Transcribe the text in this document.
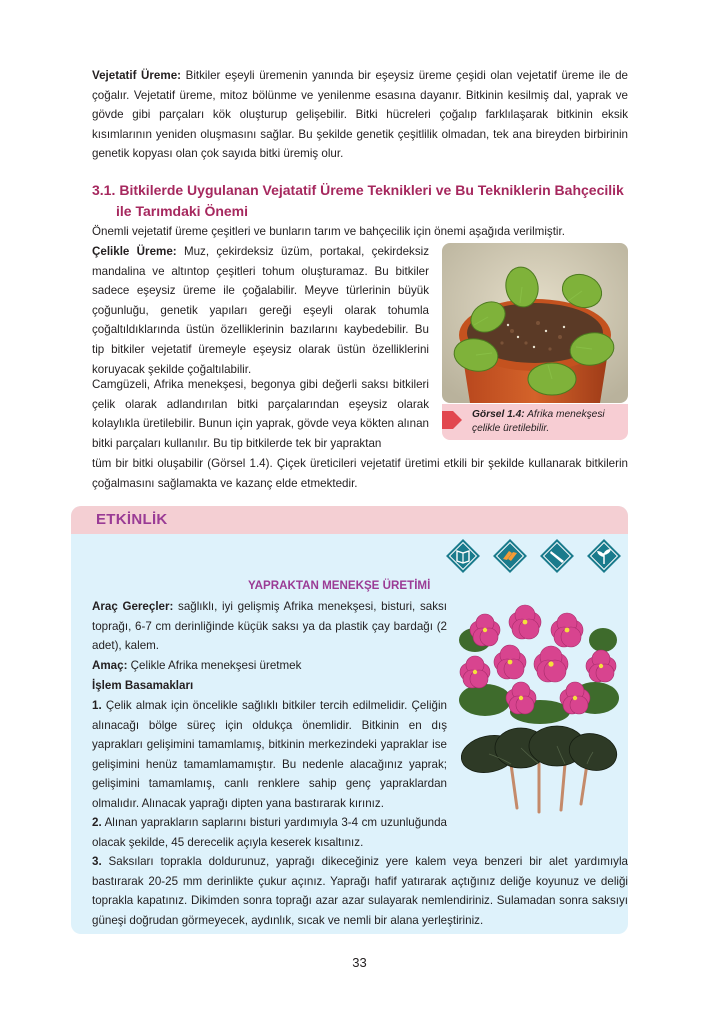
Vejetatif Üreme: Bitkiler eşeyli üremenin yanında bir eşeysiz üreme çeşidi olan vejetatif üreme ile de çoğalır. Vejetatif üreme, mitoz bölünme ve yenilenme esasına dayanır. Bitkinin kesilmiş dal, yaprak ve gövde gibi parçaları kök oluşturup gelişebilir. Bitki hücreleri çoğalıp farklılaşarak bitkinin eksik kısımlarının yeniden oluşmasını sağlar. Bu şekilde genetik çeşitlilik olmadan, tek ana bireyden birbirinin genetik kopyası olan çok sayıda bitki üremiş olur.

3.1. Bitkilerde Uygulanan Vejatatif Üreme Teknikleri ve Bu Tekniklerin Bahçecilik
ile Tarımdaki Önemi

Önemli vejetatif üreme çeşitleri ve bunların tarım ve bahçecilik için önemi aşağıda verilmiştir.

Çelikle Üreme: Muz, çekirdeksiz üzüm, portakal, çekirdeksiz mandalina ve altıntop çeşitleri tohum oluşturamaz. Bu bitkiler sadece eşeysiz üreme ile çoğalabilir. Meyve türlerinin büyük çoğunluğu, genetik yapıları gereği eşeyli olarak tohumla çoğaltıldıklarında üstün özelliklerinin bazılarını kaybedebilir. Bu tip bitkiler vejetatif üremeyle eşeysiz olarak üstün özelliklerini koruyacak şekilde çoğaltılabilir.

Camgüzeli, Afrika menekşesi, begonya gibi değerli saksı bitkileri çelik olarak adlandırılan bitki parçalarından eşeysiz olarak kolaylıkla üretilebilir. Bunun için yaprak, gövde veya kökten alınan bitki parçaları kullanılır. Bu tip bitkilerde tek bir yapraktan

tüm bir bitki oluşabilir (Görsel 1.4). Çiçek üreticileri vejetatif üretimi etkili bir şekilde kullanarak bitkilerin çoğalmasını sağlamakta ve kazanç elde etmektedir.

Görsel 1.4: Afrika menekşesi çelikle üretilebilir.
ETKİNLİK
YAPRAKTAN MENEKŞE ÜRETİMİ

Araç Gereçler: sağlıklı, iyi gelişmiş Afrika menekşesi, bisturi, saksı toprağı, 6-7 cm derinliğinde küçük saksı ya da plastik çay bardağı (2 adet), kalem.

Amaç: Çelikle Afrika menekşesi üretmek

İşlem Basamakları

1. Çelik almak için öncelikle sağlıklı bitkiler tercih edilmelidir. Çeliğin alınacağı bölge süreç için oldukça önemlidir. Bitkinin en dış yaprakları gelişimini tamamlamış, bitkinin merkezindeki yapraklar ise gelişimini henüz tamamlamamıştır. Bu nedenle alacağınız yaprak; gelişimini tamamlamış, canlı renklere sahip genç yapraklardan olmalıdır. Alınacak yaprağı dipten yana bastırarak kırınız.

2. Alınan yaprakların saplarını bisturi yardımıyla 3-4 cm uzunluğunda olacak şekilde, 45 derecelik açıyla keserek kısaltınız.

3. Saksıları toprakla doldurunuz, yaprağı dikeceğiniz yere kalem veya benzeri bir alet yardımıyla bastırarak 20-25 mm derinlikte çukur açınız. Yaprağı hafif yatırarak açtığınız deliğe koyunuz ve deliği toprakla kapatınız. Dikimden sonra toprağı azar azar sulayarak nemlendiriniz. Sulamadan sonra saksıyı güneşi doğrudan görmeyecek, aydınlık, sıcak ve nemli bir alana yerleştiriniz.

33
